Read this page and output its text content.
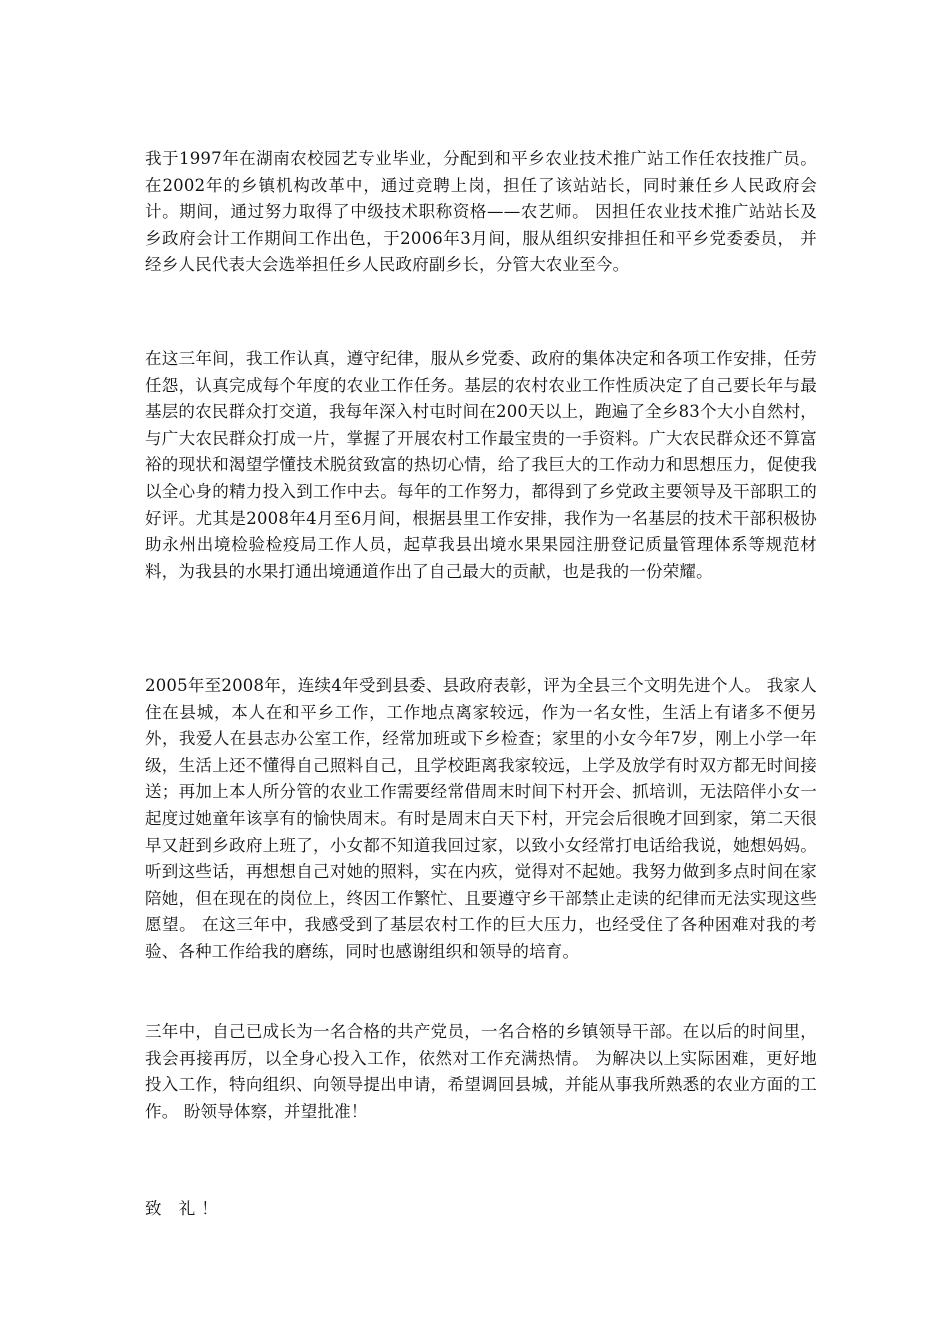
我于1997年在湖南农校园艺专业毕业，分配到和平乡农业技术推广站工作任农技推广员。在2002年的乡镇机构改革中，通过竞聘上岗，担任了该站站长，同时兼任乡人民政府会计。期间，通过努力取得了中级技术职称资格——农艺师。 因担任农业技术推广站站长及乡政府会计工作期间工作出色，于2006年3月间，服从组织安排担任和平乡党委委员， 并经乡人民代表大会选举担任乡人民政府副乡长，分管大农业至今。

在这三年间，我工作认真，遵守纪律，服从乡党委、政府的集体决定和各项工作安排，任劳任怨，认真完成每个年度的农业工作任务。基层的农村农业工作性质决定了自己要长年与最基层的农民群众打交道，我每年深入村屯时间在200天以上，跑遍了全乡83个大小自然村，与广大农民群众打成一片，掌握了开展农村工作最宝贵的一手资料。广大农民群众还不算富裕的现状和渴望学懂技术脱贫致富的热切心情，给了我巨大的工作动力和思想压力，促使我以全心身的精力投入到工作中去。每年的工作努力，都得到了乡党政主要领导及干部职工的好评。尤其是2008年4月至6月间，根据县里工作安排，我作为一名基层的技术干部积极协助永州出境检验检疫局工作人员，起草我县出境水果果园注册登记质量管理体系等规范材料，为我县的水果打通出境通道作出了自己最大的贡献，也是我的一份荣耀。

2005年至2008年，连续4年受到县委、县政府表彰，评为全县三个文明先进个人。 我家人住在县城，本人在和平乡工作，工作地点离家较远，作为一名女性，生活上有诸多不便另外，我爱人在县志办公室工作，经常加班或下乡检查；家里的小女今年7岁，刚上小学一年级，生活上还不懂得自己照料自己，且学校距离我家较远，上学及放学有时双方都无时间接送；再加上本人所分管的农业工作需要经常借周末时间下村开会、抓培训，无法陪伴小女一起度过她童年该享有的愉快周末。有时是周末白天下村，开完会后很晚才回到家，第二天很早又赶到乡政府上班了，小女都不知道我回过家，以致小女经常打电话给我说，她想妈妈。听到这些话，再想想自己对她的照料，实在内疚，觉得对不起她。我努力做到多点时间在家陪她，但在现在的岗位上，终因工作繁忙、且要遵守乡干部禁止走读的纪律而无法实现这些愿望。 在这三年中，我感受到了基层农村工作的巨大压力，也经受住了各种困难对我的考验、各种工作给我的磨练，同时也感谢组织和领导的培育。

三年中，自己已成长为一名合格的共产党员，一名合格的乡镇领导干部。在以后的时间里，我会再接再厉，以全身心投入工作，依然对工作充满热情。 为解决以上实际困难，更好地投入工作，特向组织、向领导提出申请，希望调回县城，并能从事我所熟悉的农业方面的工作。 盼领导体察，并望批准！

致 礼！
